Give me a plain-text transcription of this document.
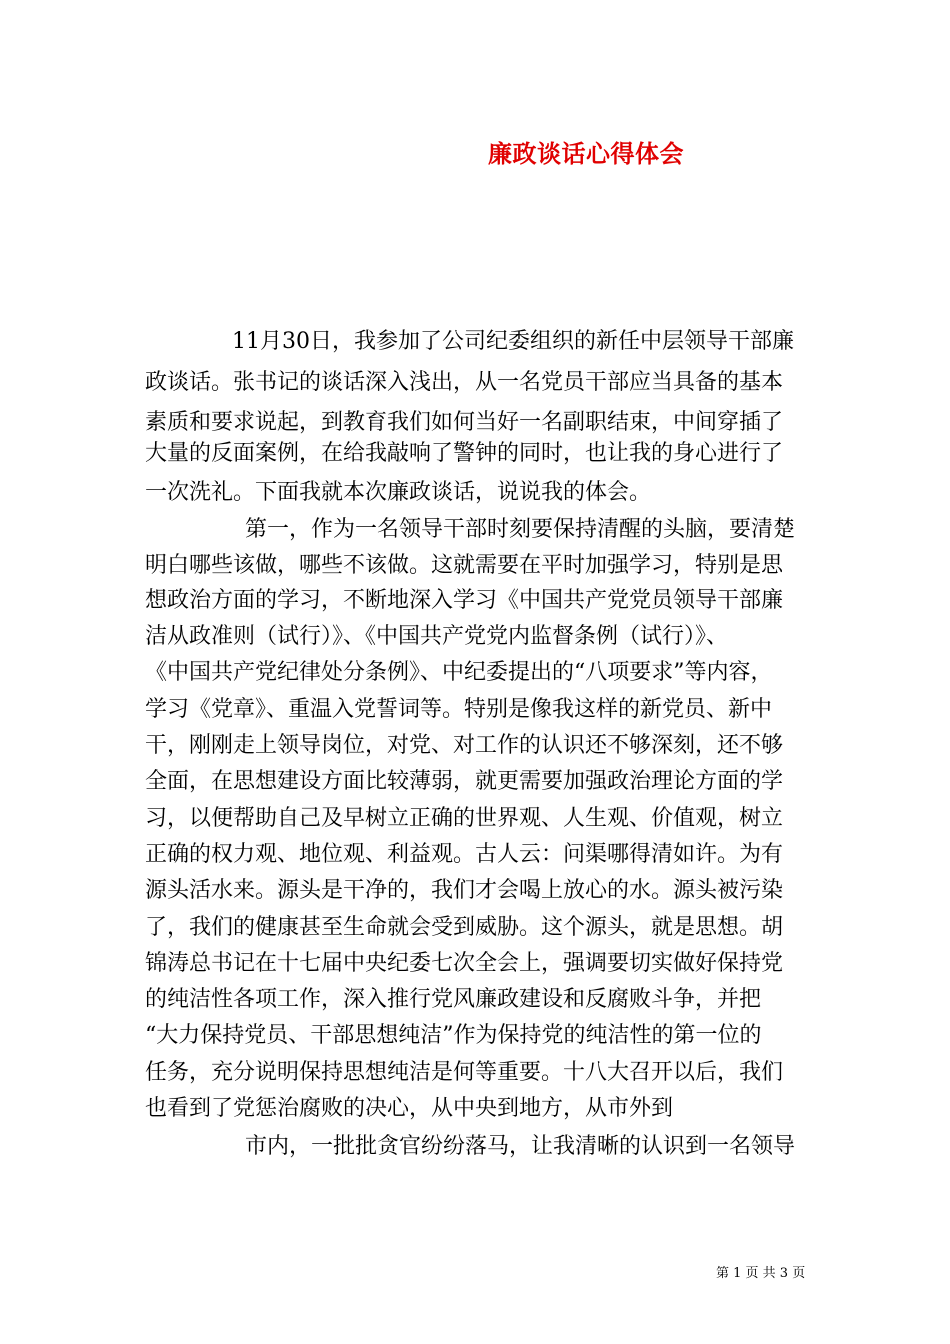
廉政谈话心得体会
11月30日，我参加了公司纪委组织的新任中层领导干部廉
政谈话。张书记的谈话深入浅出，从一名党员干部应当具备的基本
素质和要求说起，到教育我们如何当好一名副职结束，中间穿插了
大量的反面案例，在给我敲响了警钟的同时，也让我的身心进行了
一次洗礼。下面我就本次廉政谈话，说说我的体会。
第一，作为一名领导干部时刻要保持清醒的头脑，要清楚
明白哪些该做，哪些不该做。这就需要在平时加强学习，特别是思
想政治方面的学习，不断地深入学习《中国共产党党员领导干部廉
洁从政准则（试行）》、《中国共产党党内监督条例（试行）》、
《中国共产党纪律处分条例》、中纪委提出的“八项要求”等内容，
学习《党章》、重温入党誓词等。特别是像我这样的新党员、新中
干，刚刚走上领导岗位，对党、对工作的认识还不够深刻，还不够
全面，在思想建设方面比较薄弱，就更需要加强政治理论方面的学
习，以便帮助自己及早树立正确的世界观、人生观、价值观，树立
正确的权力观、地位观、利益观。古人云：问渠哪得清如许。为有
源头活水来。源头是干净的，我们才会喝上放心的水。源头被污染
了，我们的健康甚至生命就会受到威胁。这个源头，就是思想。胡
锦涛总书记在十七届中央纪委七次全会上，强调要切实做好保持党
的纯洁性各项工作，深入推行党风廉政建设和反腐败斗争，并把
“大力保持党员、干部思想纯洁”作为保持党的纯洁性的第一位的
任务，充分说明保持思想纯洁是何等重要。十八大召开以后，我们
也看到了党惩治腐败的决心，从中央到地方，从市外到
市内，一批批贪官纷纷落马，让我清晰的认识到一名领导
第 1 页 共 3 页
